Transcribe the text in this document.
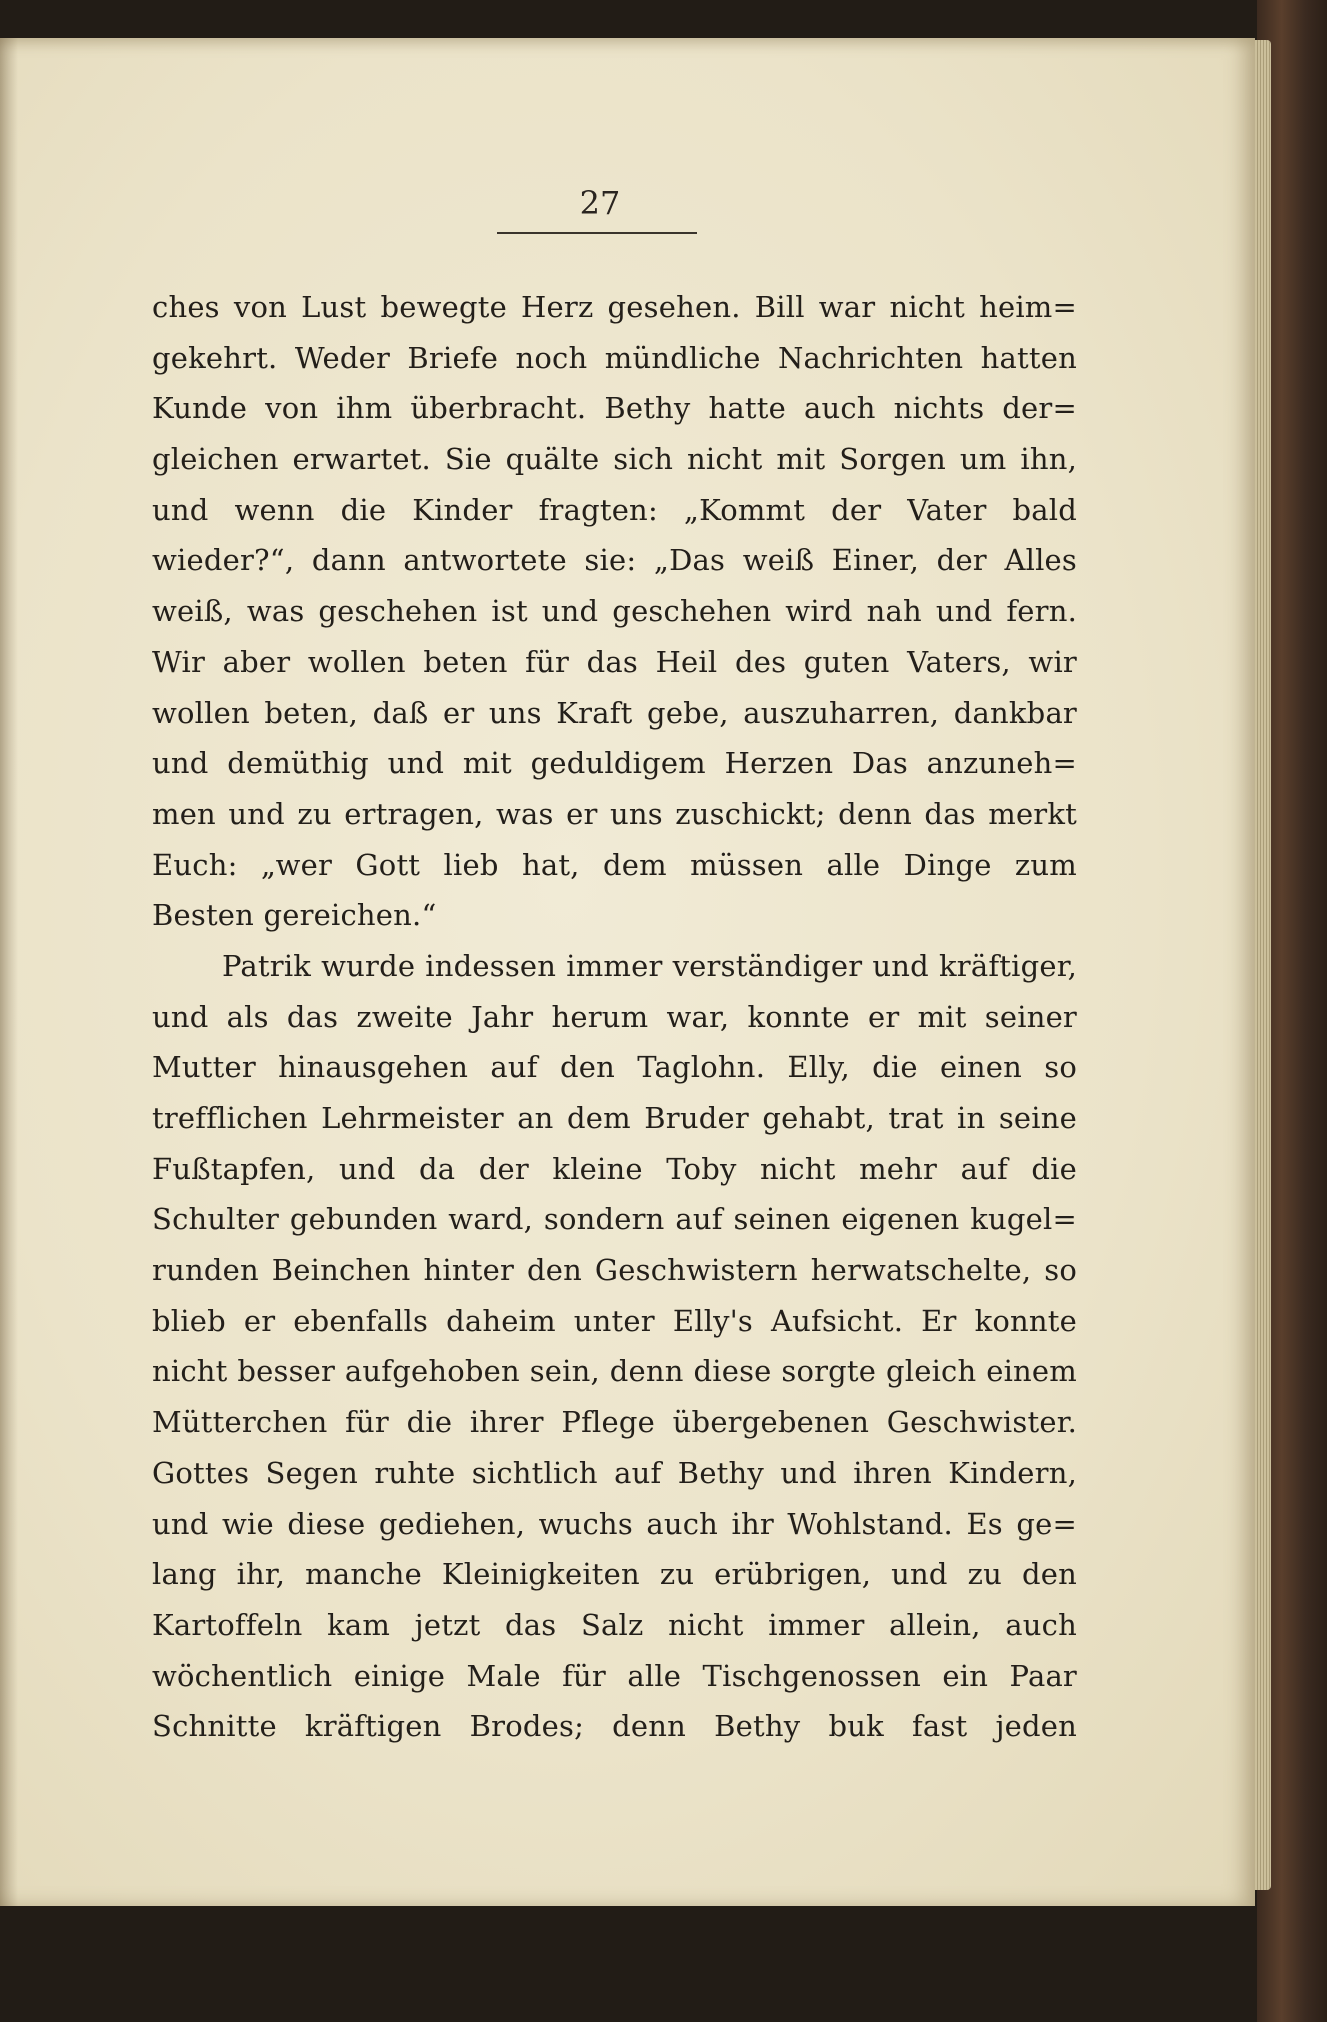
27

ches von Lust bewegte Herz gesehen. Bill war nicht heim=
gekehrt. Weder Briefe noch mündliche Nachrichten hatten
Kunde von ihm überbracht. Bethy hatte auch nichts der=
gleichen erwartet. Sie quälte sich nicht mit Sorgen um ihn,
und wenn die Kinder fragten: „Kommt der Vater bald
wieder?“, dann antwortete sie: „Das weiß Einer, der Alles
weiß, was geschehen ist und geschehen wird nah und fern.
Wir aber wollen beten für das Heil des guten Vaters, wir
wollen beten, daß er uns Kraft gebe, auszuharren, dankbar
und demüthig und mit geduldigem Herzen Das anzuneh=
men und zu ertragen, was er uns zuschickt; denn das merkt
Euch: „wer Gott lieb hat, dem müssen alle Dinge zum
Besten gereichen.“
Patrik wurde indessen immer verständiger und kräftiger,
und als das zweite Jahr herum war, konnte er mit seiner
Mutter hinausgehen auf den Taglohn. Elly, die einen so
trefflichen Lehrmeister an dem Bruder gehabt, trat in seine
Fußtapfen, und da der kleine Toby nicht mehr auf die
Schulter gebunden ward, sondern auf seinen eigenen kugel=
runden Beinchen hinter den Geschwistern herwatschelte, so
blieb er ebenfalls daheim unter Elly's Aufsicht. Er konnte
nicht besser aufgehoben sein, denn diese sorgte gleich einem
Mütterchen für die ihrer Pflege übergebenen Geschwister.
Gottes Segen ruhte sichtlich auf Bethy und ihren Kindern,
und wie diese gediehen, wuchs auch ihr Wohlstand. Es ge=
lang ihr, manche Kleinigkeiten zu erübrigen, und zu den
Kartoffeln kam jetzt das Salz nicht immer allein, auch
wöchentlich einige Male für alle Tischgenossen ein Paar
Schnitte kräftigen Brodes; denn Bethy buk fast jeden
